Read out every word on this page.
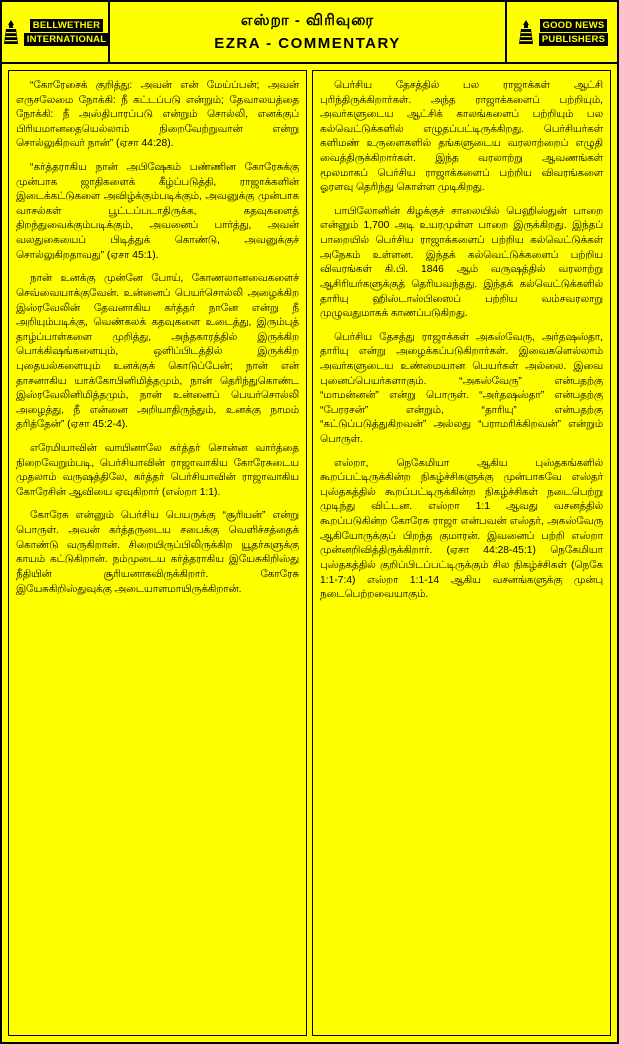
BELLWETHER
INTERNATIONAL
எஸ்றா - விரிவுரை
EZRA - COMMENTARY
GOOD NEWS
PUBLISHERS

“கோரேசைக் குறித்து: அவன் என் மேய்ப்பன்; அவன் எருசலேமை நோக்கி: நீ கட்டப்படு என்றும்; தேவாலயத்தை நோக்கி: நீ அஸ்திபாரப்படு என்றும் சொல்லி, எனக்குப் பிரியமானதையெல்லாம் நிறைவேற்றுவான் என்று சொல்லுகிறவர் நான்” (ஏசா 44:28).

“கர்த்தராகிய நான் அபிஷேகம் பண்ணின கோரேசுக்கு முன்பாக ஜாதிகளைக் கீழ்ப்படுத்தி, ராஜாக்களின் இடைக்கட்டுகளை அவிழ்க்கும்படிக்கும், அவனுக்கு முன்பாக வாசல்கள் பூட்டப்படாதிருக்க, கதவுகளைத் திறந்துவைக்கும்படிக்கும், அவனைப் பார்த்து, அவன் வலதுகையைப் பிடித்துக் கொண்டு, அவனுக்குச் சொல்லுகிறதாவது” (ஏசா 45:1).

நான் உனக்கு முன்னே போய், கோணலானவைகளைச் செவ்வையாக்குவேன். உன்னைப் பெயர்சொல்லி அழைக்கிற இஸ்ரவேலின் தேவனாகிய கர்த்தர் நானே என்று நீ அறியும்படிக்கு, வெண்கலக் கதவுகளை உடைத்து, இரும்புத் தாழ்ப்பாள்களை முறித்து, அந்தகாரத்தில் இருக்கிற பொக்கிஷங்களையும், ஒளிப்பிடத்தில் இருக்கிற புதையல்களையும் உனக்குக் கொடுப்பேன்; நான் என் தாசனாகிய யாக்கோபினிமித்தமும், நான் தெரிந்துகொண்ட இஸ்ரவேலினிமித்தமும், நான் உன்னைப் பெயர்சொல்லி அழைத்து, நீ என்னை அறியாதிருந்தும், உனக்கு நாமம் தரித்தேன்” (ஏசா 45:2-4).

எரேமியாவின் வாயினாலே கர்த்தர் சொன்ன வார்த்தை நிறைவேறும்படி, பெர்சியாவின் ராஜாவாகிய கோரேசுடைய முதலாம் வருஷத்திலே, கர்த்தர் பெர்சியாவின் ராஜாவாகிய கோரேசின் ஆவியை ஏவுகிறார் (எஸ்றா 1:1).

கோரேசு என்னும் பெர்சிய பெயருக்கு “சூரியன்” என்று பொருள். அவன் கர்த்தருடைய சபைக்கு வெளிச்சத்தைக் கொண்டு வருகிறான். சிறையிருப்பிலிருக்கிற யூதர்களுக்கு காயம் கட்டுகிறான். நம்முடைய கர்த்தராகிய இயேசுகிறிஸ்து நீதியின் சூரியனாகவிருக்கிறார். கோரேசு இயேசுகிறிஸ்துவுக்கு அடையாளமாயிருக்கிறான்.

பெர்சிய தேசத்தில் பல ராஜாக்கள் ஆட்சி புரிந்திருக்கிறார்கள். அந்த ராஜாக்களைப் பற்றியும், அவர்களுடைய ஆட்சிக் காலங்களைப் பற்றியும் பல கல்வெட்டுக்களில் எழுதப்பட்டிருக்கிறது. பெர்சியர்கள் களிமண் உருளைகளில் தங்களுடைய வரலாற்றைப் எழுதி வைத்திருக்கிறார்கள். இந்த வரலாற்று ஆவணங்கள் மூலமாகப் பெர்சிய ராஜாக்களைப் பற்றிய விவரங்களை ஓரளவு தெரிந்து கொள்ள முடிகிறது.

பாபிலோனின் கிழக்குச் சாலையில் பெஹிஸ்துன் பாறை என்னும் 1,700 அடி உயரமுள்ள பாறை இருக்கிறது. இந்தப் பாறையில் பெர்சிய ராஜாக்களைப் பற்றிய கல்வெட்டுக்கள் அநேகம் உள்ளன. இந்தக் கல்வெட்டுக்களைப் பற்றிய விவரங்கள் கி.பி. 1846 ஆம் வருஷத்தில் வரலாற்று ஆசிரியர்களுக்குத் தெரியவந்தது. இந்தக் கல்வெட்டுக்களில் தாரியு ஹிஸ்டாஸ்பிஸைப் பற்றிய வம்சவரலாறு முழுவதுமாகக் காணப்படுகிறது.

பெர்சிய தேசத்து ராஜாக்கள் அகஸ்வேரு, அர்தஷஸ்தா, தாரியு என்று அழைக்கப்படுகிறார்கள். இவைகளெல்லாம் அவர்களுடைய உண்மையான பெயர்கள் அல்லை. இவை புனைப்பெயர்களாகும். “அகஸ்வேரு” என்பதற்கு “மாமன்னன்” என்று பொருள். “அர்தஷஸ்தா” என்பதற்கு “பேரரசன்” என்றும், “தாரியு” என்பதற்கு “கட்டுப்படுத்துகிறவன்” அல்லது “பராமரிக்கிறவன்” என்றும் பொருள்.

எஸ்றா, நெகேமியா ஆகிய புஸ்தகங்களில் கூறப்பட்டிருக்கின்ற நிகழ்ச்சிகளுக்கு முன்பாகவே எஸ்தர் புஸ்தகத்தில் கூறப்பட்டிருக்கின்ற நிகழ்ச்சிகள் நடைபெற்று முடிந்து விட்டன. எஸ்றா 1:1 ஆவது வசனத்தில் கூறப்படுகின்ற கோரேசு ராஜா என்பவன் எஸ்தர், அகஸ்வேரு ஆகியோருக்குப் பிறந்த குமாரன். இவனைப் பற்றி எஸ்றா முன்னறிவித்திருக்கிறார். (ஏசா 44:28-45:1) நெகேமியா புஸ்தகத்தில் குறிப்பிடப்பட்டிருக்கும் சில நிகழ்ச்சிகள் (நெகே 1:1-7:4) எஸ்றா 1:1-14 ஆகிய வசனங்களுக்கு முன்பு நடைபெற்றவையாகும்.
